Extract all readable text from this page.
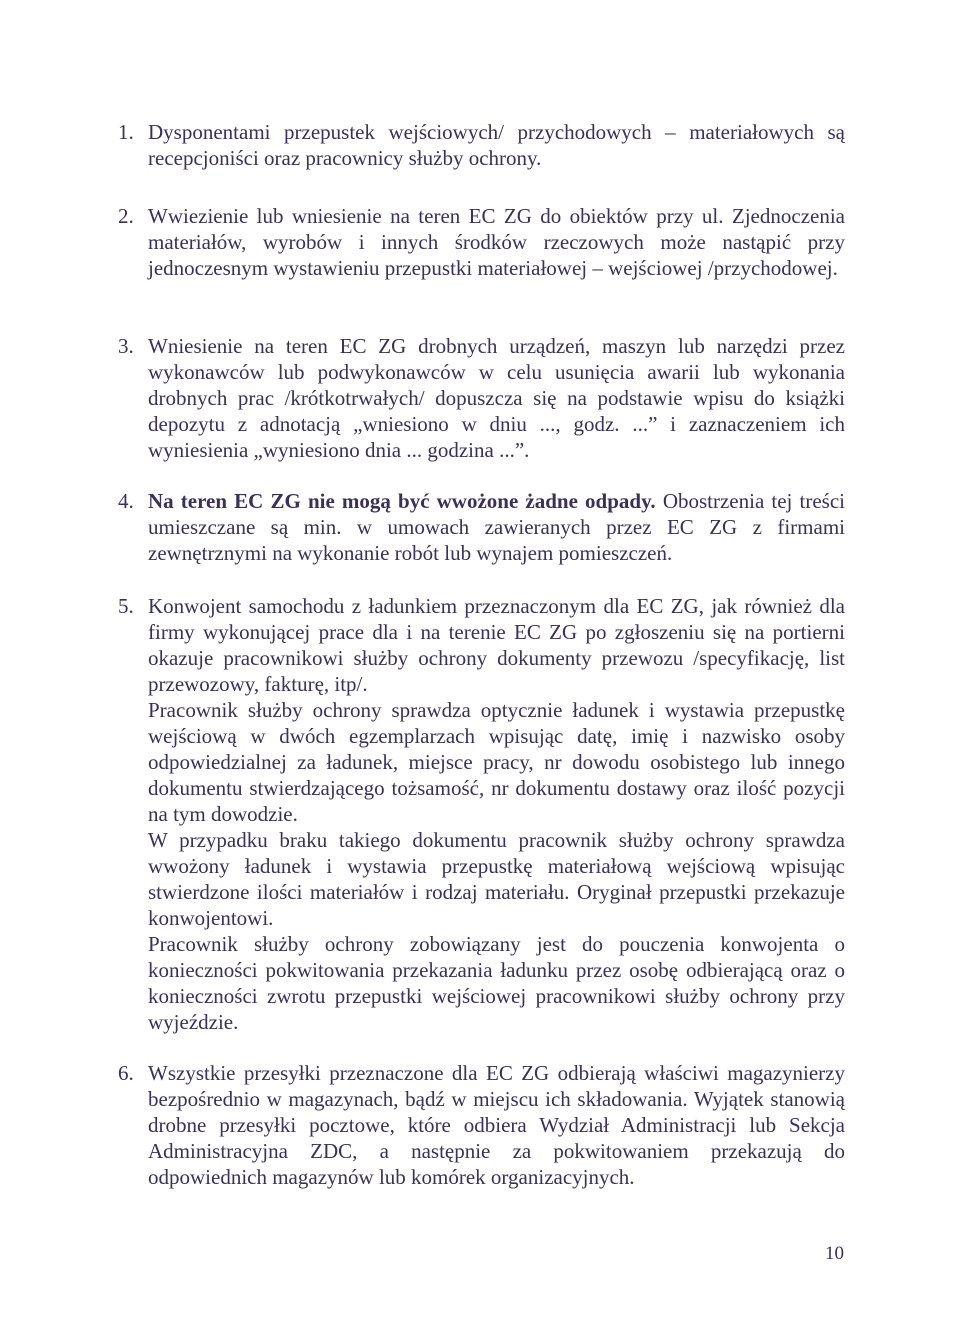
1. Dysponentami przepustek wejściowych/ przychodowych – materiałowych są recepcjoniści oraz pracownicy służby ochrony.

2. Wwiezienie lub wniesienie na teren EC ZG do obiektów przy ul. Zjednoczenia materiałów, wyrobów i innych środków rzeczowych może nastąpić przy jednoczesnym wystawieniu przepustki materiałowej – wejściowej /przychodowej.

3. Wniesienie na teren EC ZG drobnych urządzeń, maszyn lub narzędzi przez wykonawców lub podwykonawców w celu usunięcia awarii lub wykonania drobnych prac /krótkotrwałych/ dopuszcza się na podstawie wpisu do książki depozytu z adnotacją „wniesiono w dniu ..., godz. ...” i zaznaczeniem ich wyniesienia „wyniesiono dnia ... godzina ...”.

4. Na teren EC ZG nie mogą być wwożone żadne odpady. Obostrzenia tej treści umieszczane są min. w umowach zawieranych przez EC ZG z firmami zewnętrznymi na wykonanie robót lub wynajem pomieszczeń.

5. Konwojent samochodu z ładunkiem przeznaczonym dla EC ZG, jak również dla firmy wykonującej prace dla i na terenie EC ZG po zgłoszeniu się na portierni okazuje pracownikowi służby ochrony dokumenty przewozu /specyfikację, list przewozowy, fakturę, itp/.

Pracownik służby ochrony sprawdza optycznie ładunek i wystawia przepustkę wejściową w dwóch egzemplarzach wpisując datę, imię i nazwisko osoby odpowiedzialnej za ładunek, miejsce pracy, nr dowodu osobistego lub innego dokumentu stwierdzającego tożsamość, nr dokumentu dostawy oraz ilość pozycji na tym dowodzie.

W przypadku braku takiego dokumentu pracownik służby ochrony sprawdza wwożony ładunek i wystawia przepustkę materiałową wejściową wpisując stwierdzone ilości materiałów i rodzaj materiału. Oryginał przepustki przekazuje konwojentowi.

Pracownik służby ochrony zobowiązany jest do pouczenia konwojenta o konieczności pokwitowania przekazania ładunku przez osobę odbierającą oraz o konieczności zwrotu przepustki wejściowej pracownikowi służby ochrony przy wyjeździe.

6. Wszystkie przesyłki przeznaczone dla EC ZG odbierają właściwi magazynierzy bezpośrednio w magazynach, bądź w miejscu ich składowania. Wyjątek stanowią drobne przesyłki pocztowe, które odbiera Wydział Administracji lub Sekcja Administracyjna ZDC, a następnie za pokwitowaniem przekazują do odpowiednich magazynów lub komórek organizacyjnych.

10
